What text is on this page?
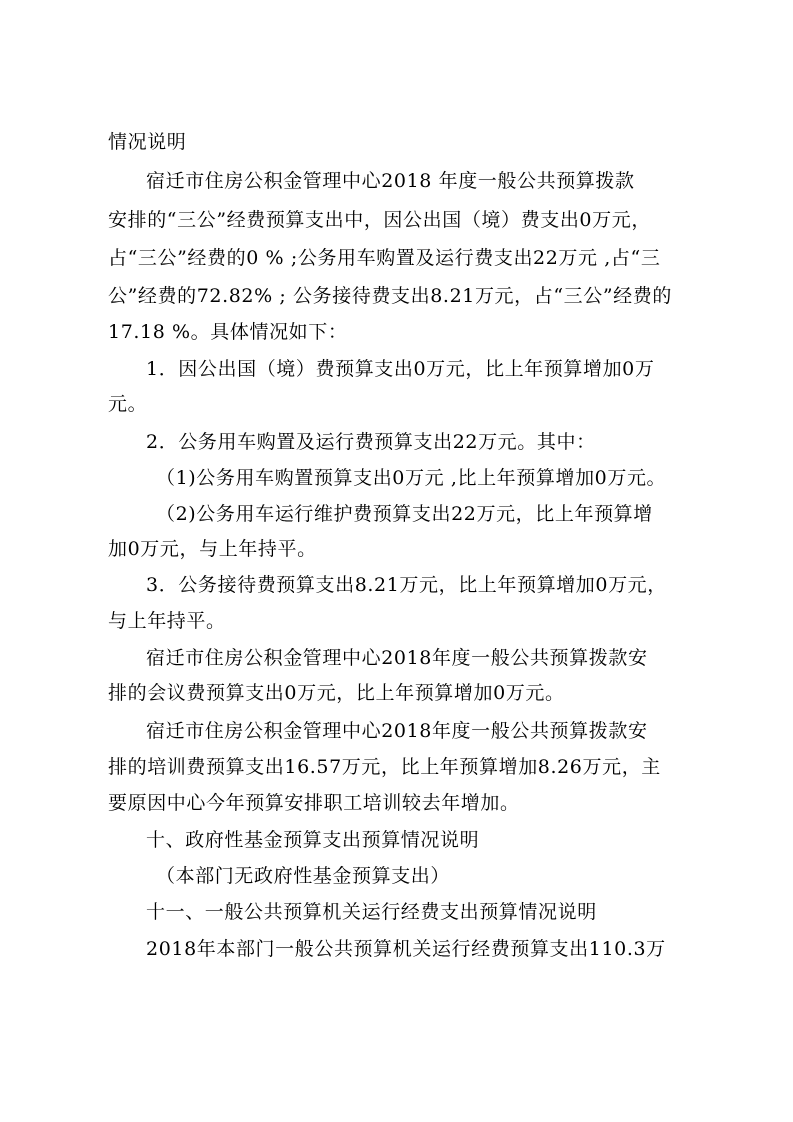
情况说明
宿迁市住房公积金管理中心2018 年度一般公共预算拨款
安排的“三公”经费预算支出中，因公出国（境）费支出0万元，
占“三公”经费的0 % ;公务用车购置及运行费支出22万元 ,占“三
公”经费的72.82% ; 公务接待费支出8.21万元，占“三公”经费的
17.18 %。具体情况如下：
1．因公出国（境）费预算支出0万元，比上年预算增加0万
元。
2．公务用车购置及运行费预算支出22万元。其中：
（1)公务用车购置预算支出0万元 ,比上年预算增加0万元。
（2)公务用车运行维护费预算支出22万元，比上年预算增
加0万元，与上年持平。
3．公务接待费预算支出8.21万元，比上年预算增加0万元，
与上年持平。
宿迁市住房公积金管理中心2018年度一般公共预算拨款安
排的会议费预算支出0万元，比上年预算增加0万元。
宿迁市住房公积金管理中心2018年度一般公共预算拨款安
排的培训费预算支出16.57万元，比上年预算增加8.26万元，主
要原因中心今年预算安排职工培训较去年增加。
十、政府性基金预算支出预算情况说明
（本部门无政府性基金预算支出）
十一、一般公共预算机关运行经费支出预算情况说明
2018年本部门一般公共预算机关运行经费预算支出110.3万
